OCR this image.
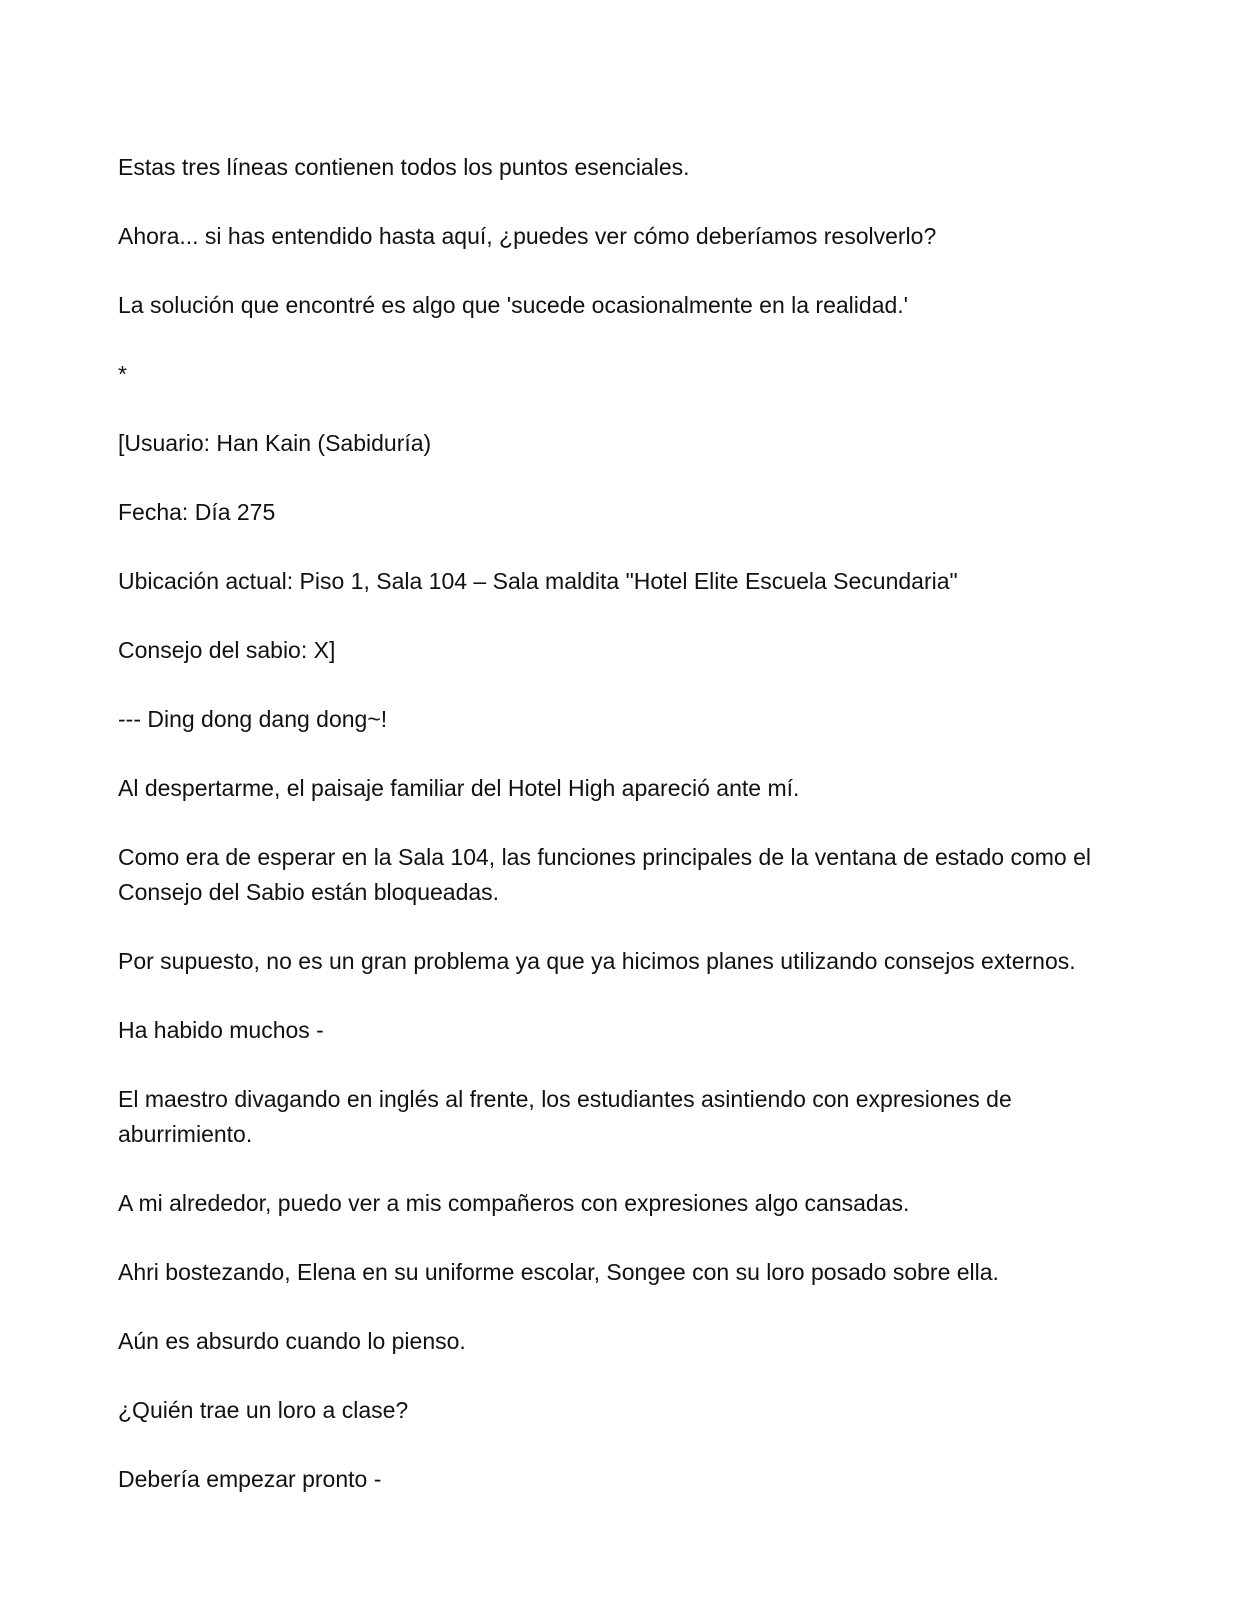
Estas tres líneas contienen todos los puntos esenciales.

Ahora... si has entendido hasta aquí, ¿puedes ver cómo deberíamos resolverlo?

La solución que encontré es algo que 'sucede ocasionalmente en la realidad.'

*

[Usuario: Han Kain (Sabiduría)

Fecha: Día 275

Ubicación actual: Piso 1, Sala 104 – Sala maldita "Hotel Elite Escuela Secundaria"

Consejo del sabio: X]

--- Ding dong dang dong~!

Al despertarme, el paisaje familiar del Hotel High apareció ante mí.

Como era de esperar en la Sala 104, las funciones principales de la ventana de estado como el Consejo del Sabio están bloqueadas.

Por supuesto, no es un gran problema ya que ya hicimos planes utilizando consejos externos.

Ha habido muchos -

El maestro divagando en inglés al frente, los estudiantes asintiendo con expresiones de aburrimiento.

A mi alrededor, puedo ver a mis compañeros con expresiones algo cansadas.

Ahri bostezando, Elena en su uniforme escolar, Songee con su loro posado sobre ella.

Aún es absurdo cuando lo pienso.

¿Quién trae un loro a clase?

Debería empezar pronto -
